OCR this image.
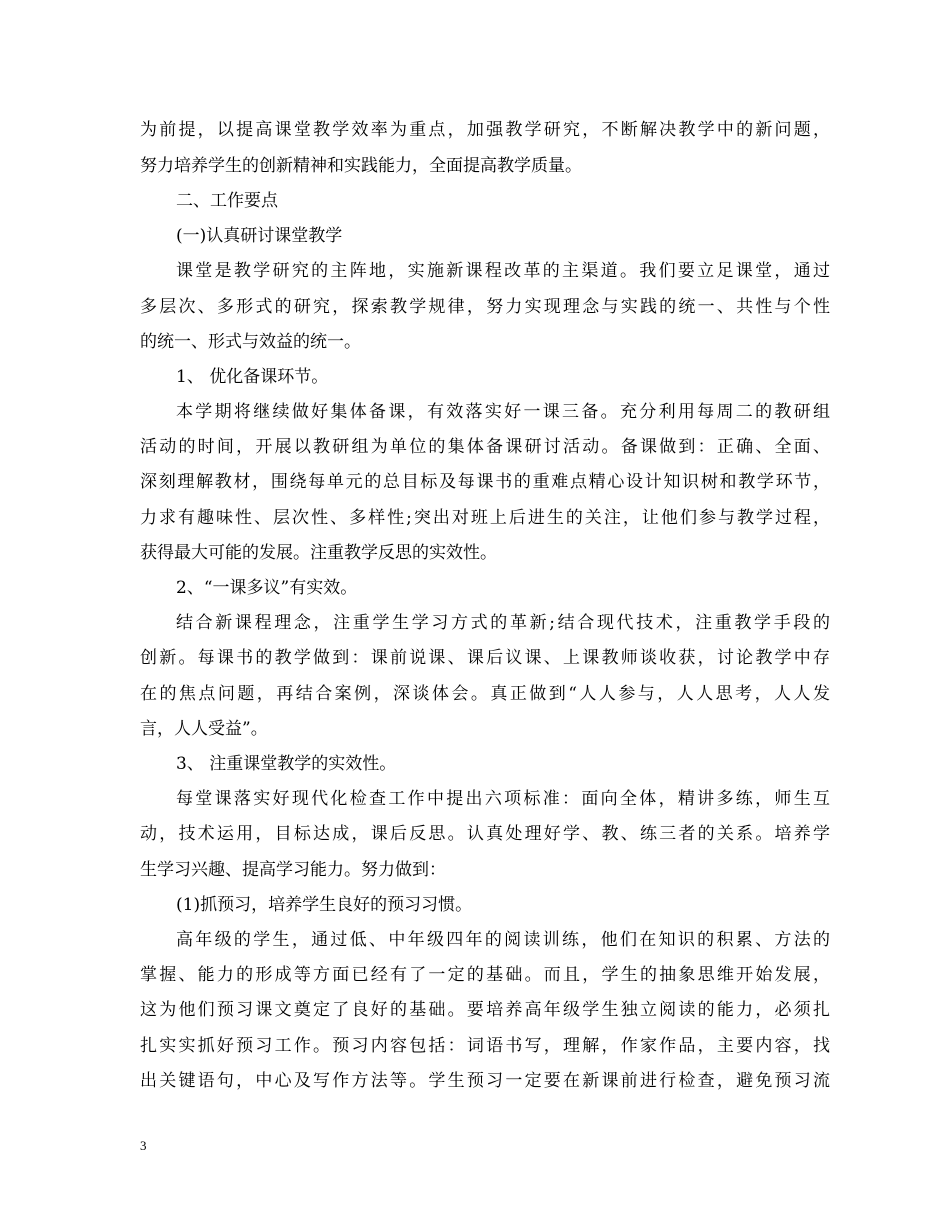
为前提，以提高课堂教学效率为重点，加强教学研究，不断解决教学中的新问题，
努力培养学生的创新精神和实践能力，全面提高教学质量。
二、工作要点
(一)认真研讨课堂教学
课堂是教学研究的主阵地，实施新课程改革的主渠道。我们要立足课堂，通过
多层次、多形式的研究，探索教学规律，努力实现理念与实践的统一、共性与个性
的统一、形式与效益的统一。
1、 优化备课环节。
本学期将继续做好集体备课，有效落实好一课三备。充分利用每周二的教研组
活动的时间，开展以教研组为单位的集体备课研讨活动。备课做到：正确、全面、
深刻理解教材，围绕每单元的总目标及每课书的重难点精心设计知识树和教学环节，
力求有趣味性、层次性、多样性;突出对班上后进生的关注，让他们参与教学过程，
获得最大可能的发展。注重教学反思的实效性。
2、“一课多议”有实效。
结合新课程理念，注重学生学习方式的革新;结合现代技术，注重教学手段的
创新。每课书的教学做到：课前说课、课后议课、上课教师谈收获，讨论教学中存
在的焦点问题，再结合案例，深谈体会。真正做到“人人参与，人人思考，人人发
言，人人受益”。
3、 注重课堂教学的实效性。
每堂课落实好现代化检查工作中提出六项标准：面向全体，精讲多练，师生互
动，技术运用，目标达成，课后反思。认真处理好学、教、练三者的关系。培养学
生学习兴趣、提高学习能力。努力做到：
(1)抓预习，培养学生良好的预习习惯。
高年级的学生，通过低、中年级四年的阅读训练，他们在知识的积累、方法的
掌握、能力的形成等方面已经有了一定的基础。而且，学生的抽象思维开始发展，
这为他们预习课文奠定了良好的基础。要培养高年级学生独立阅读的能力，必须扎
扎实实抓好预习工作。预习内容包括：词语书写，理解，作家作品，主要内容，找
出关键语句，中心及写作方法等。学生预习一定要在新课前进行检查，避免预习流
3
